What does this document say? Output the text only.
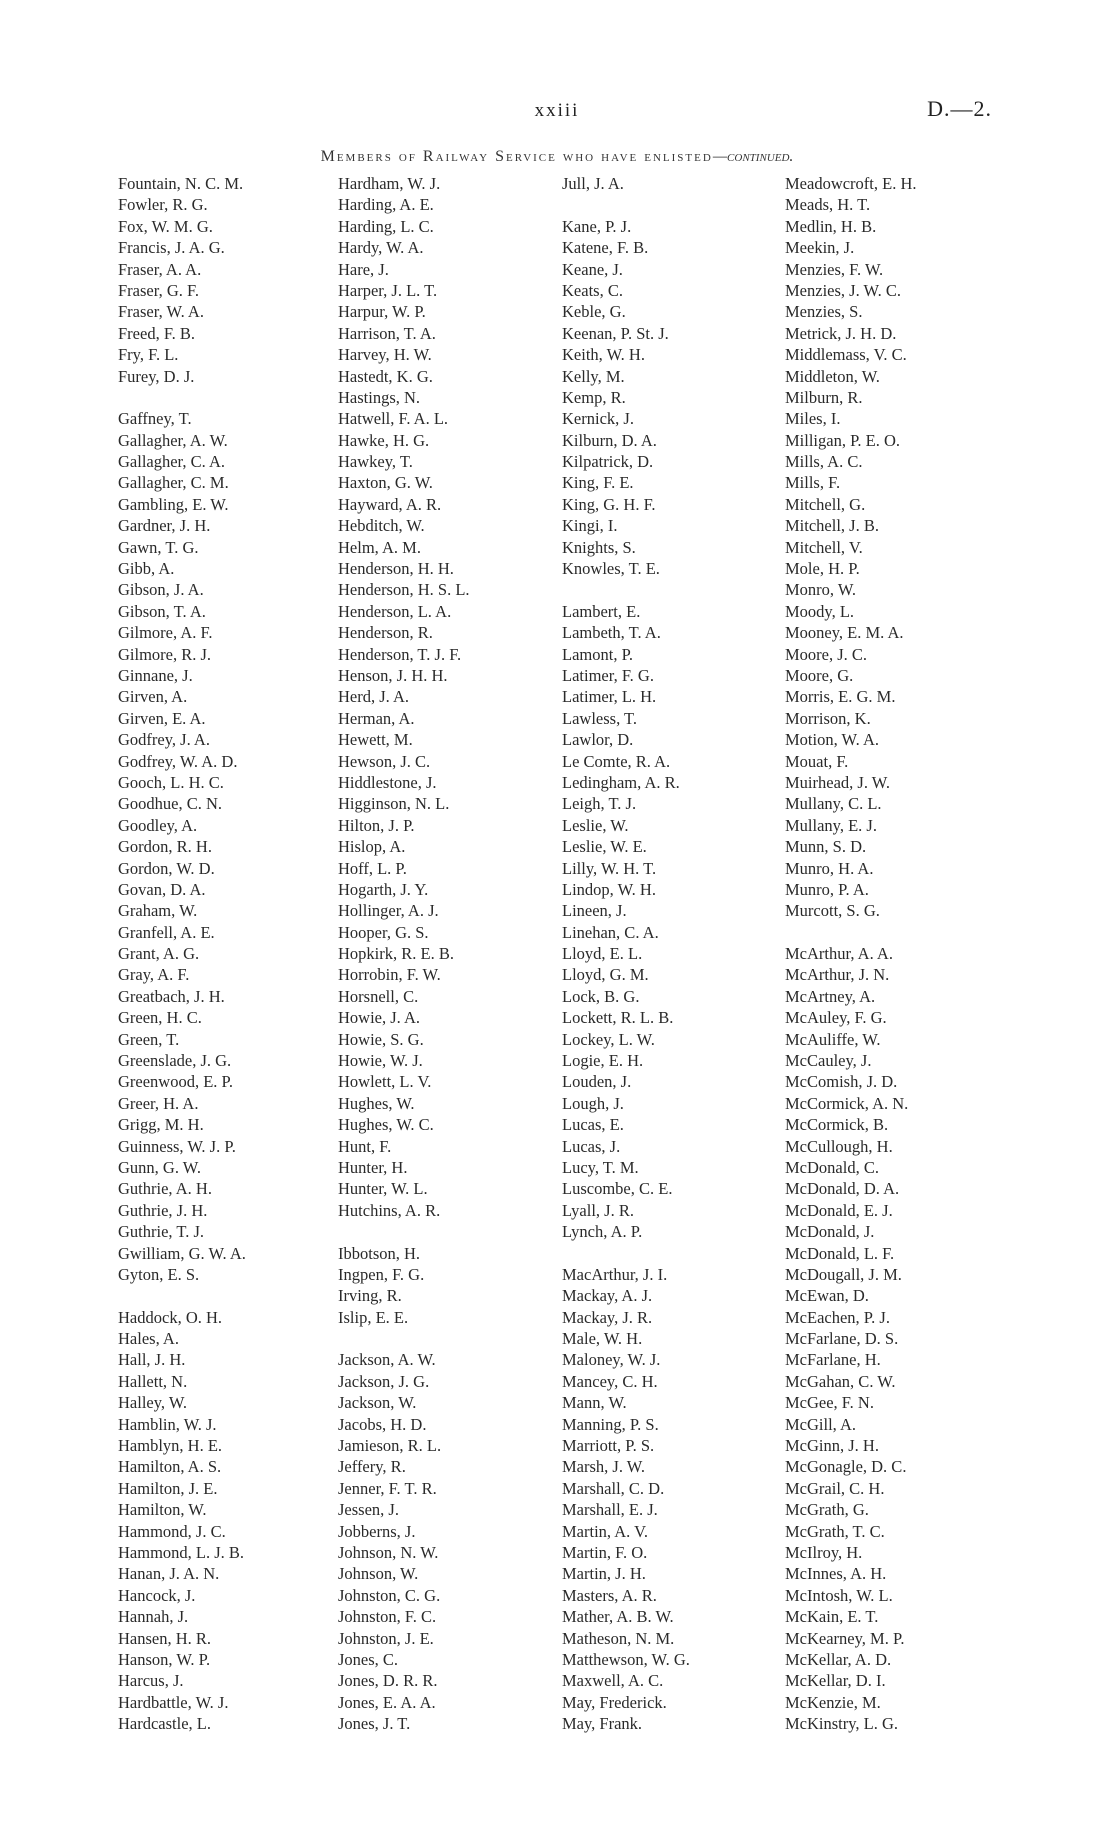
xxiii	D.—2.
Members of Railway Service who have enlisted—continued.
Fountain, N. C. M.
Fowler, R. G.
Fox, W. M. G.
Francis, J. A. G.
Fraser, A. A.
Fraser, G. F.
Fraser, W. A.
Freed, F. B.
Fry, F. L.
Furey, D. J.
Gaffney, T.
Gallagher, A. W.
Gallagher, C. A.
Gallagher, C. M.
Gambling, E. W.
Gardner, J. H.
Gawn, T. G.
Gibb, A.
Gibson, J. A.
Gibson, T. A.
Gilmore, A. F.
Gilmore, R. J.
Ginnane, J.
Girven, A.
Girven, E. A.
Godfrey, J. A.
Godfrey, W. A. D.
Gooch, L. H. C.
Goodhue, C. N.
Goodley, A.
Gordon, R. H.
Gordon, W. D.
Govan, D. A.
Graham, W.
Granfell, A. E.
Grant, A. G.
Gray, A. F.
Greatbach, J. H.
Green, H. C.
Green, T.
Greenslade, J. G.
Greenwood, E. P.
Greer, H. A.
Grigg, M. H.
Guinness, W. J. P.
Gunn, G. W.
Guthrie, A. H.
Guthrie, J. H.
Guthrie, T. J.
Gwilliam, G. W. A.
Gyton, E. S.
Haddock, O. H.
Hales, A.
Hall, J. H.
Hallett, N.
Halley, W.
Hamblin, W. J.
Hamblyn, H. E.
Hamilton, A. S.
Hamilton, J. E.
Hamilton, W.
Hammond, J. C.
Hammond, L. J. B.
Hanan, J. A. N.
Hancock, J.
Hannah, J.
Hansen, H. R.
Hanson, W. P.
Harcus, J.
Hardbattle, W. J.
Hardcastle, L.
Hardham, W. J.
Harding, A. E.
Harding, L. C.
Hardy, W. A.
Hare, J.
Harper, J. L. T.
Harpur, W. P.
Harrison, T. A.
Harvey, H. W.
Hastedt, K. G.
Hastings, N.
Hatwell, F. A. L.
Hawke, H. G.
Hawkey, T.
Haxton, G. W.
Hayward, A. R.
Hebditch, W.
Helm, A. M.
Henderson, H. H.
Henderson, H. S. L.
Henderson, L. A.
Henderson, R.
Henderson, T. J. F.
Henson, J. H. H.
Herd, J. A.
Herman, A.
Hewett, M.
Hewson, J. C.
Hiddlestone, J.
Higginson, N. L.
Hilton, J. P.
Hislop, A.
Hoff, L. P.
Hogarth, J. Y.
Hollinger, A. J.
Hooper, G. S.
Hopkirk, R. E. B.
Horrobin, F. W.
Horsnell, C.
Howie, J. A.
Howie, S. G.
Howie, W. J.
Howlett, L. V.
Hughes, W.
Hughes, W. C.
Hunt, F.
Hunter, H.
Hunter, W. L.
Hutchins, A. R.
Ibbotson, H.
Ingpen, F. G.
Irving, R.
Islip, E. E.
Jackson, A. W.
Jackson, J. G.
Jackson, W.
Jacobs, H. D.
Jamieson, R. L.
Jeffery, R.
Jenner, F. T. R.
Jessen, J.
Jobberns, J.
Johnson, N. W.
Johnson, W.
Johnston, C. G.
Johnston, F. C.
Johnston, J. E.
Jones, C.
Jones, D. R. R.
Jones, E. A. A.
Jones, J. T.
Jull, J. A.
Kane, P. J.
Katene, F. B.
Keane, J.
Keats, C.
Keble, G.
Keenan, P. St. J.
Keith, W. H.
Kelly, M.
Kemp, R.
Kernick, J.
Kilburn, D. A.
Kilpatrick, D.
King, F. E.
King, G. H. F.
Kingi, I.
Knights, S.
Knowles, T. E.
Lambert, E.
Lambeth, T. A.
Lamont, P.
Latimer, F. G.
Latimer, L. H.
Lawless, T.
Lawlor, D.
Le Comte, R. A.
Ledingham, A. R.
Leigh, T. J.
Leslie, W.
Leslie, W. E.
Lilly, W. H. T.
Lindop, W. H.
Lineen, J.
Linehan, C. A.
Lloyd, E. L.
Lloyd, G. M.
Lock, B. G.
Lockett, R. L. B.
Lockey, L. W.
Logie, E. H.
Louden, J.
Lough, J.
Lucas, E.
Lucas, J.
Lucy, T. M.
Luscombe, C. E.
Lyall, J. R.
Lynch, A. P.
MacArthur, J. I.
Mackay, A. J.
Mackay, J. R.
Male, W. H.
Maloney, W. J.
Mancey, C. H.
Mann, W.
Manning, P. S.
Marriott, P. S.
Marsh, J. W.
Marshall, C. D.
Marshall, E. J.
Martin, A. V.
Martin, F. O.
Martin, J. H.
Masters, A. R.
Mather, A. B. W.
Matheson, N. M.
Matthewson, W. G.
Maxwell, A. C.
May, Frederick.
May, Frank.
Meadowcroft, E. H.
Meads, H. T.
Medlin, H. B.
Meekin, J.
Menzies, F. W.
Menzies, J. W. C.
Menzies, S.
Metrick, J. H. D.
Middlemass, V. C.
Middleton, W.
Milburn, R.
Miles, I.
Milligan, P. E. O.
Mills, A. C.
Mills, F.
Mitchell, G.
Mitchell, J. B.
Mitchell, V.
Mole, H. P.
Monro, W.
Moody, L.
Mooney, E. M. A.
Moore, J. C.
Moore, G.
Morris, E. G. M.
Morrison, K.
Motion, W. A.
Mouat, F.
Muirhead, J. W.
Mullany, C. L.
Mullany, E. J.
Munn, S. D.
Munro, H. A.
Munro, P. A.
Murcott, S. G.
McArthur, A. A.
McArthur, J. N.
McArtney, A.
McAuley, F. G.
McAuliffe, W.
McCauley, J.
McComish, J. D.
McCormick, A. N.
McCormick, B.
McCullough, H.
McDonald, C.
McDonald, D. A.
McDonald, E. J.
McDonald, J.
McDonald, L. F.
McDougall, J. M.
McEwan, D.
McEachen, P. J.
McFarlane, D. S.
McFarlane, H.
McGahan, C. W.
McGee, F. N.
McGill, A.
McGinn, J. H.
McGonagle, D. C.
McGrail, C. H.
McGrath, G.
McGrath, T. C.
McIlroy, H.
McInnes, A. H.
McIntosh, W. L.
McKain, E. T.
McKearney, M. P.
McKellar, A. D.
McKellar, D. I.
McKenzie, M.
McKinstry, L. G.
